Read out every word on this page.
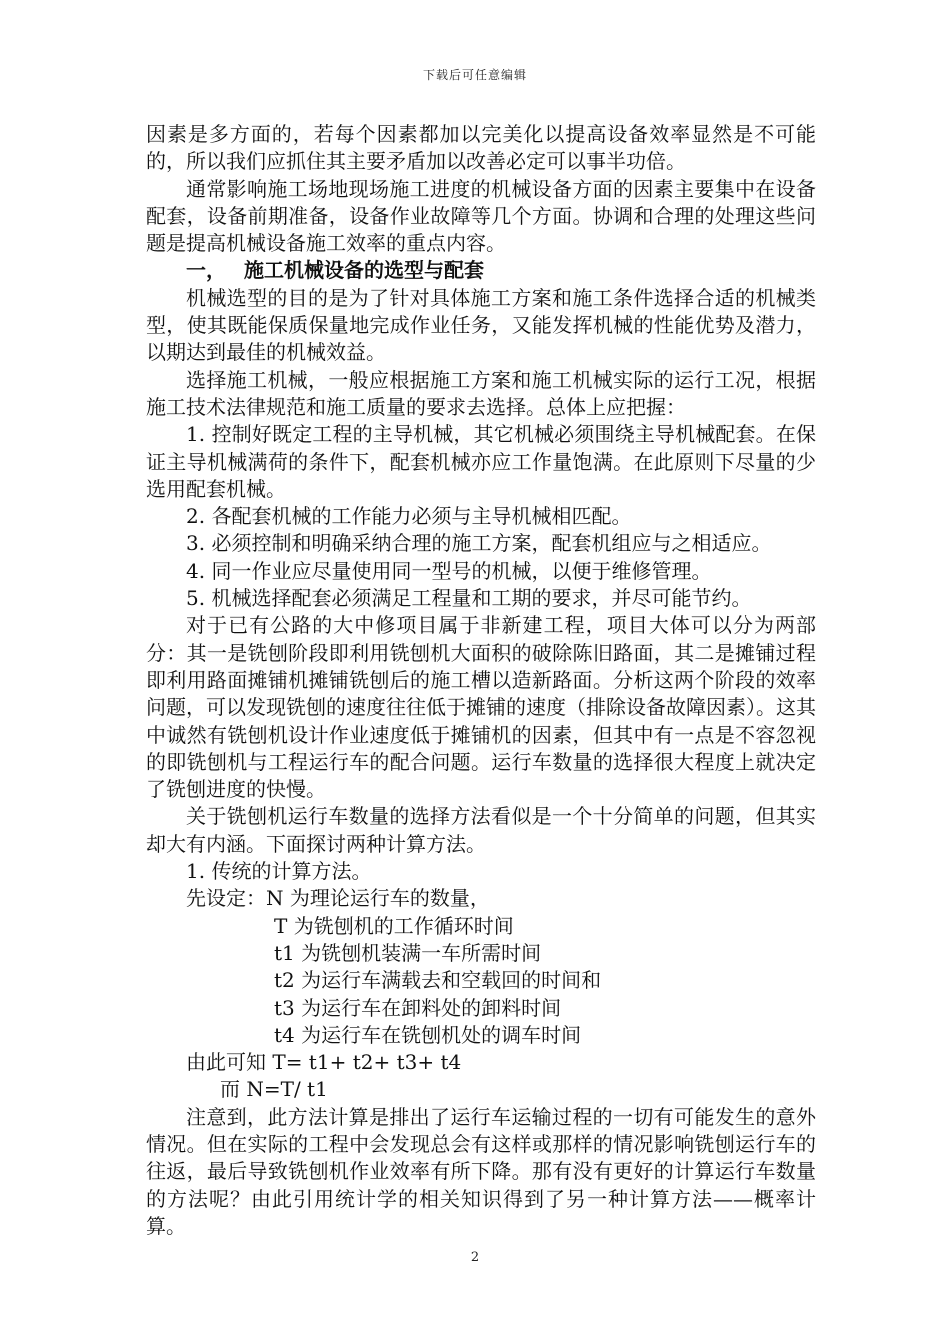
下载后可任意编辑

因素是多方面的，若每个因素都加以完美化以提高设备效率显然是不可能的，所以我们应抓住其主要矛盾加以改善必定可以事半功倍。

通常影响施工场地现场施工进度的机械设备方面的因素主要集中在设备配套，设备前期准备，设备作业故障等几个方面。协调和合理的处理这些问题是提高机械设备施工效率的重点内容。

一， 施工机械设备的选型与配套

机械选型的目的是为了针对具体施工方案和施工条件选择合适的机械类型，使其既能保质保量地完成作业任务，又能发挥机械的性能优势及潜力，以期达到最佳的机械效益。

选择施工机械，一般应根据施工方案和施工机械实际的运行工况，根据施工技术法律规范和施工质量的要求去选择。总体上应把握：

1. 控制好既定工程的主导机械，其它机械必须围绕主导机械配套。在保证主导机械满荷的条件下，配套机械亦应工作量饱满。在此原则下尽量的少选用配套机械。

2. 各配套机械的工作能力必须与主导机械相匹配。

3. 必须控制和明确采纳合理的施工方案，配套机组应与之相适应。

4. 同一作业应尽量使用同一型号的机械，以便于维修管理。

5. 机械选择配套必须满足工程量和工期的要求，并尽可能节约。

对于已有公路的大中修项目属于非新建工程，项目大体可以分为两部分：其一是铣刨阶段即利用铣刨机大面积的破除陈旧路面，其二是摊铺过程即利用路面摊铺机摊铺铣刨后的施工槽以造新路面。分析这两个阶段的效率问题，可以发现铣刨的速度往往低于摊铺的速度（排除设备故障因素）。这其中诚然有铣刨机设计作业速度低于摊铺机的因素，但其中有一点是不容忽视的即铣刨机与工程运行车的配合问题。运行车数量的选择很大程度上就决定了铣刨进度的快慢。

关于铣刨机运行车数量的选择方法看似是一个十分简单的问题，但其实却大有内涵。下面探讨两种计算方法。

1. 传统的计算方法。

先设定：N 为理论运行车的数量，

T 为铣刨机的工作循环时间

t1 为铣刨机装满一车所需时间

t2 为运行车满载去和空载回的时间和

t3 为运行车在卸料处的卸料时间

t4 为运行车在铣刨机处的调车时间

由此可知 T= t1+ t2+ t3+ t4

而 N=T/ t1

注意到，此方法计算是排出了运行车运输过程的一切有可能发生的意外情况。但在实际的工程中会发现总会有这样或那样的情况影响铣刨运行车的往返，最后导致铣刨机作业效率有所下降。那有没有更好的计算运行车数量的方法呢？由此引用统计学的相关知识得到了另一种计算方法——概率计算。

2
